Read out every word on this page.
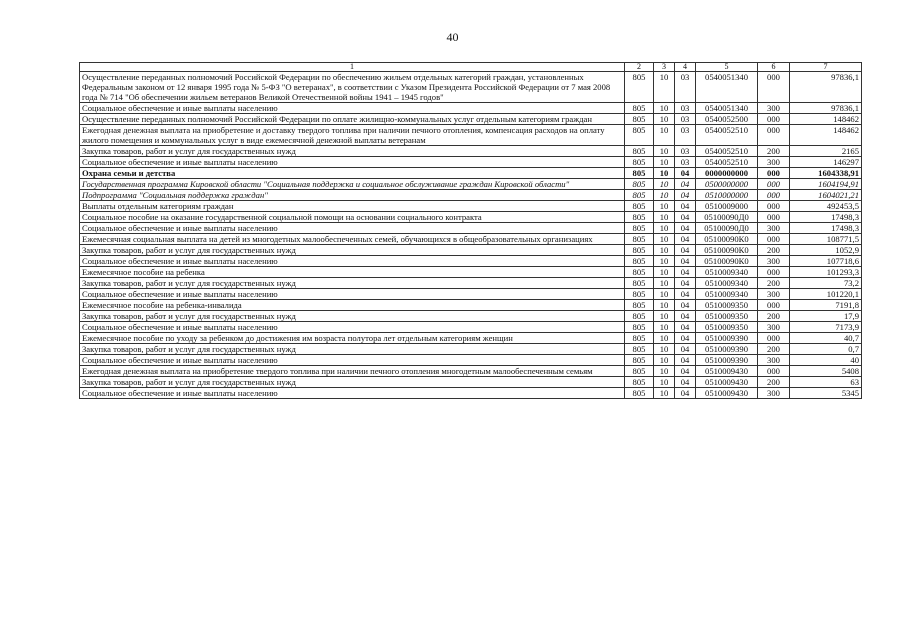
40
1	2	3	4	5	6	7
Осуществление переданных полномочий Российской Федерации по обеспечению жильем отдельных категорий граждан, установленных Федеральным законом от 12 января 1995 года № 5-ФЗ "О ветеранах", в соответствии с Указом Президента Российской Федерации от 7 мая 2008 года № 714 "Об обеспечении жильем ветеранов Великой Отечественной войны 1941 – 1945 годов"	805	10	03	0540051340	000	97836,1
Социальное обеспечение и иные выплаты населению	805	10	03	0540051340	300	97836,1
Осуществление переданных полномочий Российской Федерации по оплате жилищно-коммунальных услуг отдельным категориям граждан	805	10	03	0540052500	000	148462
Ежегодная денежная выплата на приобретение и доставку твердого топлива при наличии печного отопления, компенсация расходов на оплату жилого помещения и коммунальных услуг в виде ежемесячной денежной выплаты ветеранам	805	10	03	0540052510	000	148462
Закупка товаров, работ и услуг для государственных нужд	805	10	03	0540052510	200	2165
Социальное обеспечение и иные выплаты населению	805	10	03	0540052510	300	146297
Охрана семьи и детства	805	10	04	0000000000	000	1604338,91
Государственная программа Кировской области "Социальная поддержка и социальное обслуживание граждан Кировской области"	805	10	04	0500000000	000	1604194,91
Подпрограмма "Социальная поддержка граждан"	805	10	04	0510000000	000	1604021,21
Выплаты отдельным категориям граждан	805	10	04	0510009000	000	492453,5
Социальное пособие на оказание государственной социальной помощи на основании социального контракта	805	10	04	05100090Д0	000	17498,3
Социальное обеспечение и иные выплаты населению	805	10	04	05100090Д0	300	17498,3
Ежемесячная социальная выплата на детей из многодетных малообеспеченных семей, обучающихся в общеобразовательных организациях	805	10	04	05100090К0	000	108771,5
Закупка товаров, работ и услуг для государственных нужд	805	10	04	05100090К0	200	1052,9
Социальное обеспечение и иные выплаты населению	805	10	04	05100090К0	300	107718,6
Ежемесячное пособие на ребенка	805	10	04	0510009340	000	101293,3
Закупка товаров, работ и услуг для государственных нужд	805	10	04	0510009340	200	73,2
Социальное обеспечение и иные выплаты населению	805	10	04	0510009340	300	101220,1
Ежемесячное пособие на ребенка-инвалида	805	10	04	0510009350	000	7191,8
Закупка товаров, работ и услуг для государственных нужд	805	10	04	0510009350	200	17,9
Социальное обеспечение и иные выплаты населению	805	10	04	0510009350	300	7173,9
Ежемесячное пособие по уходу за ребенком до достижения им возраста полутора лет отдельным категориям женщин	805	10	04	0510009390	000	40,7
Закупка товаров, работ и услуг для государственных нужд	805	10	04	0510009390	200	0,7
Социальное обеспечение и иные выплаты населению	805	10	04	0510009390	300	40
Ежегодная денежная выплата на приобретение твердого топлива при наличии печного отопления многодетным малообеспеченным семьям	805	10	04	0510009430	000	5408
Закупка товаров, работ и услуг для государственных нужд	805	10	04	0510009430	200	63
Социальное обеспечение и иные выплаты населению	805	10	04	0510009430	300	5345
